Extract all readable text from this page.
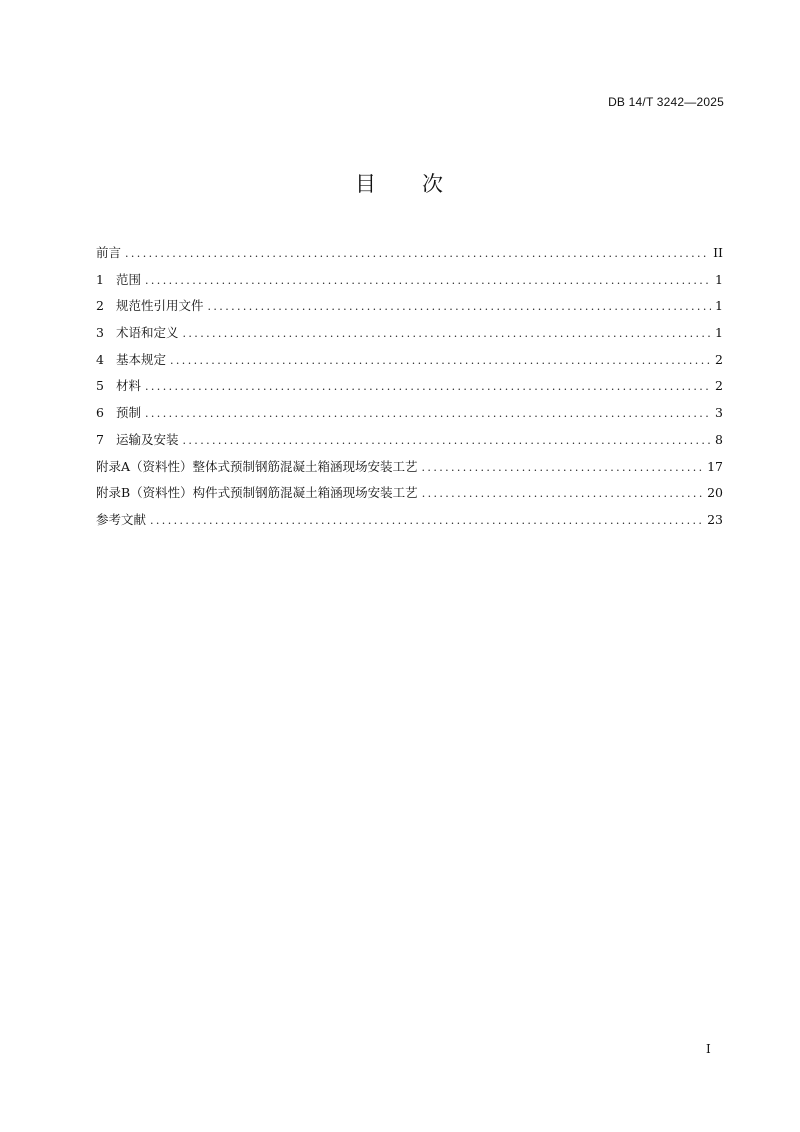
DB 14/T 3242—2025
目 次
前言 .....	II
1 范围 .....	1
2 规范性引用文件 .....	1
3 术语和定义 .....	1
4 基本规定 .....	2
5 材料 .....	2
6 预制 .....	3
7 运输及安装 .....	8
附录A（资料性）整体式预制钢筋混凝土箱涵现场安装工艺 .....	17
附录B（资料性）构件式预制钢筋混凝土箱涵现场安装工艺 .....	20
参考文献 .....	23
I
